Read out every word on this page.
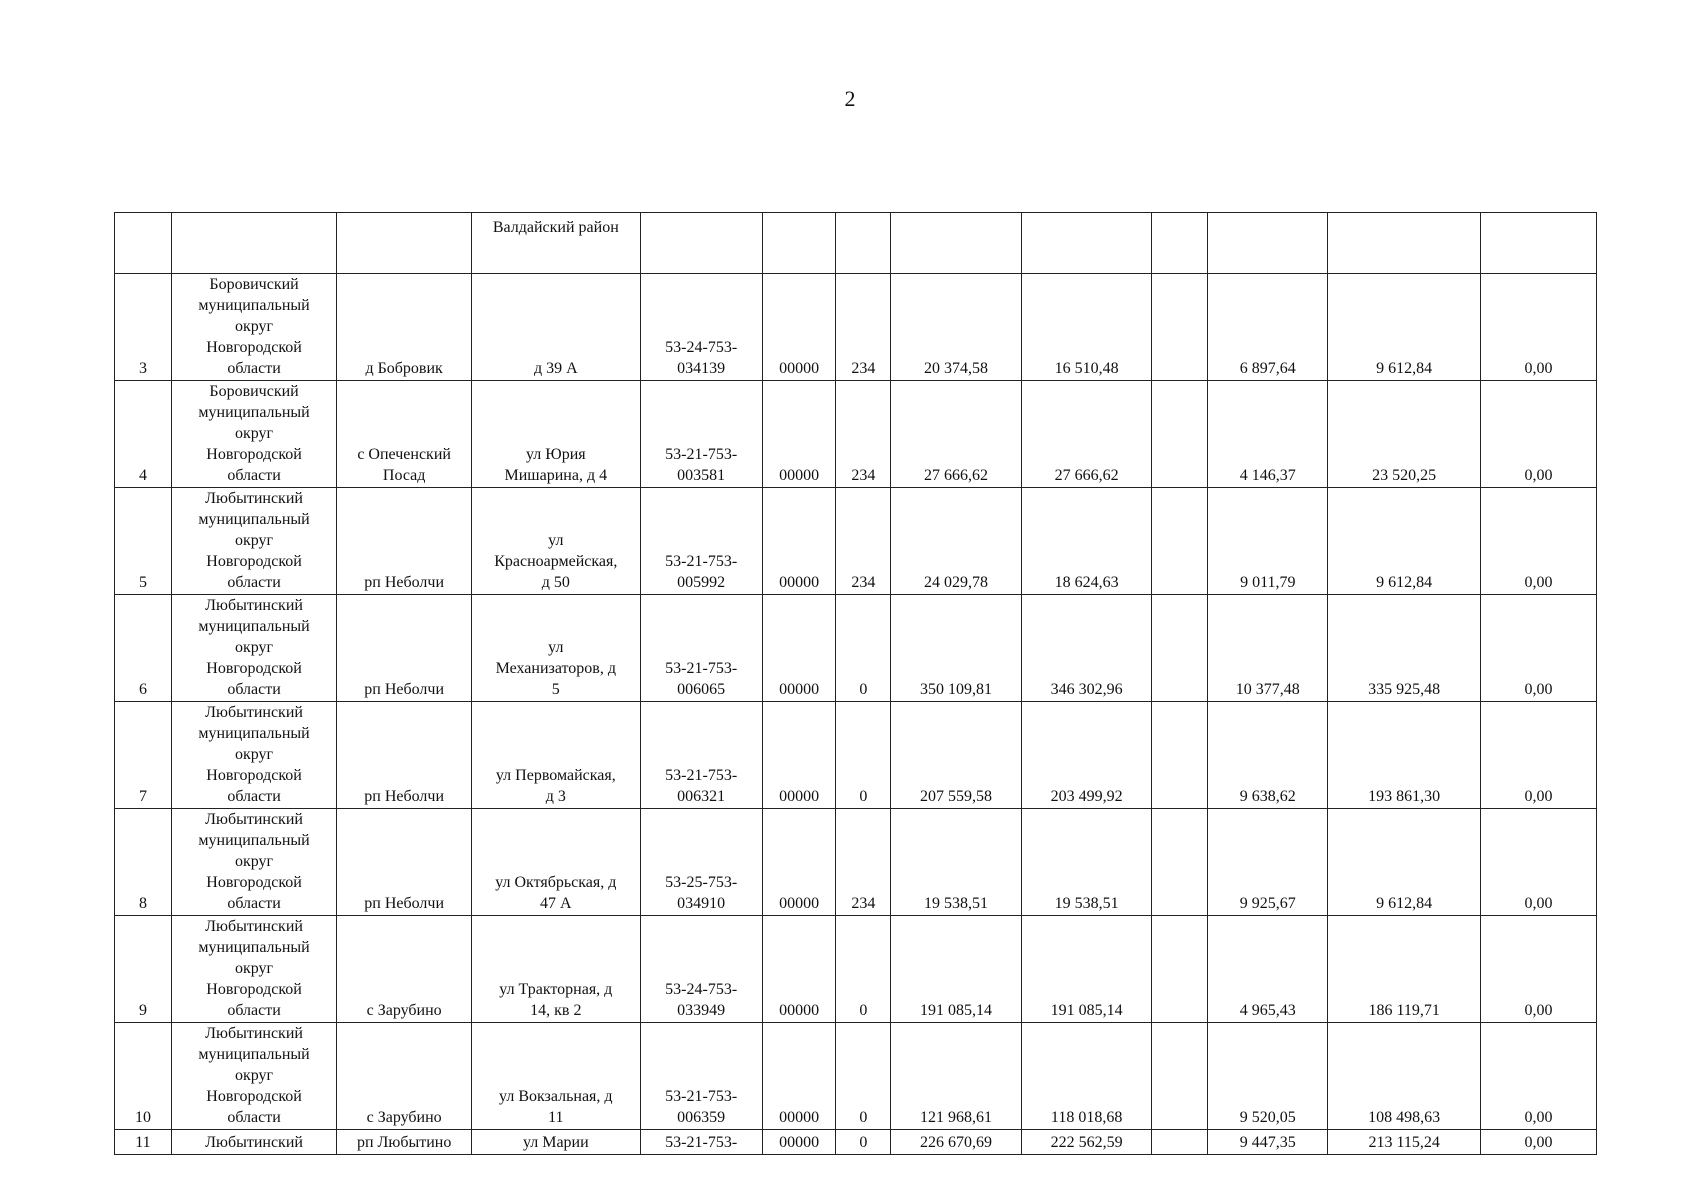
2
			Валдайский район									

3	Боровичский
муниципальный
округ
Новгородской
области	д Бобровик	д 39 А	53-24-753-
034139	00000	234	20 374,58	16 510,48		6 897,64	9 612,84	0,00

4	Боровичский
муниципальный
округ
Новгородской
области	с Опеченский
Посад	ул Юрия
Мишарина, д 4	53-21-753-
003581	00000	234	27 666,62	27 666,62		4 146,37	23 520,25	0,00

5	Любытинский
муниципальный
округ
Новгородской
области	рп Неболчи	ул
Красноармейская,
д 50	53-21-753-
005992	00000	234	24 029,78	18 624,63		9 011,79	9 612,84	0,00

6	Любытинский
муниципальный
округ
Новгородской
области	рп Неболчи	ул
Механизаторов, д
5	53-21-753-
006065	00000	0	350 109,81	346 302,96		10 377,48	335 925,48	0,00

7	Любытинский
муниципальный
округ
Новгородской
области	рп Неболчи	ул Первомайская,
д 3	53-21-753-
006321	00000	0	207 559,58	203 499,92		9 638,62	193 861,30	0,00

8	Любытинский
муниципальный
округ
Новгородской
области	рп Неболчи	ул Октябрьская, д
47 А	53-25-753-
034910	00000	234	19 538,51	19 538,51		9 925,67	9 612,84	0,00

9	Любытинский
муниципальный
округ
Новгородской
области	с Зарубино	ул Тракторная, д
14, кв 2	53-24-753-
033949	00000	0	191 085,14	191 085,14		4 965,43	186 119,71	0,00

10	Любытинский
муниципальный
округ
Новгородской
области	с Зарубино	ул Вокзальная, д
11	53-21-753-
006359	00000	0	121 968,61	118 018,68		9 520,05	108 498,63	0,00

11	Любытинский	рп Любытино	ул Марии	53-21-753-	00000	0	226 670,69	222 562,59		9 447,35	213 115,24	0,00
